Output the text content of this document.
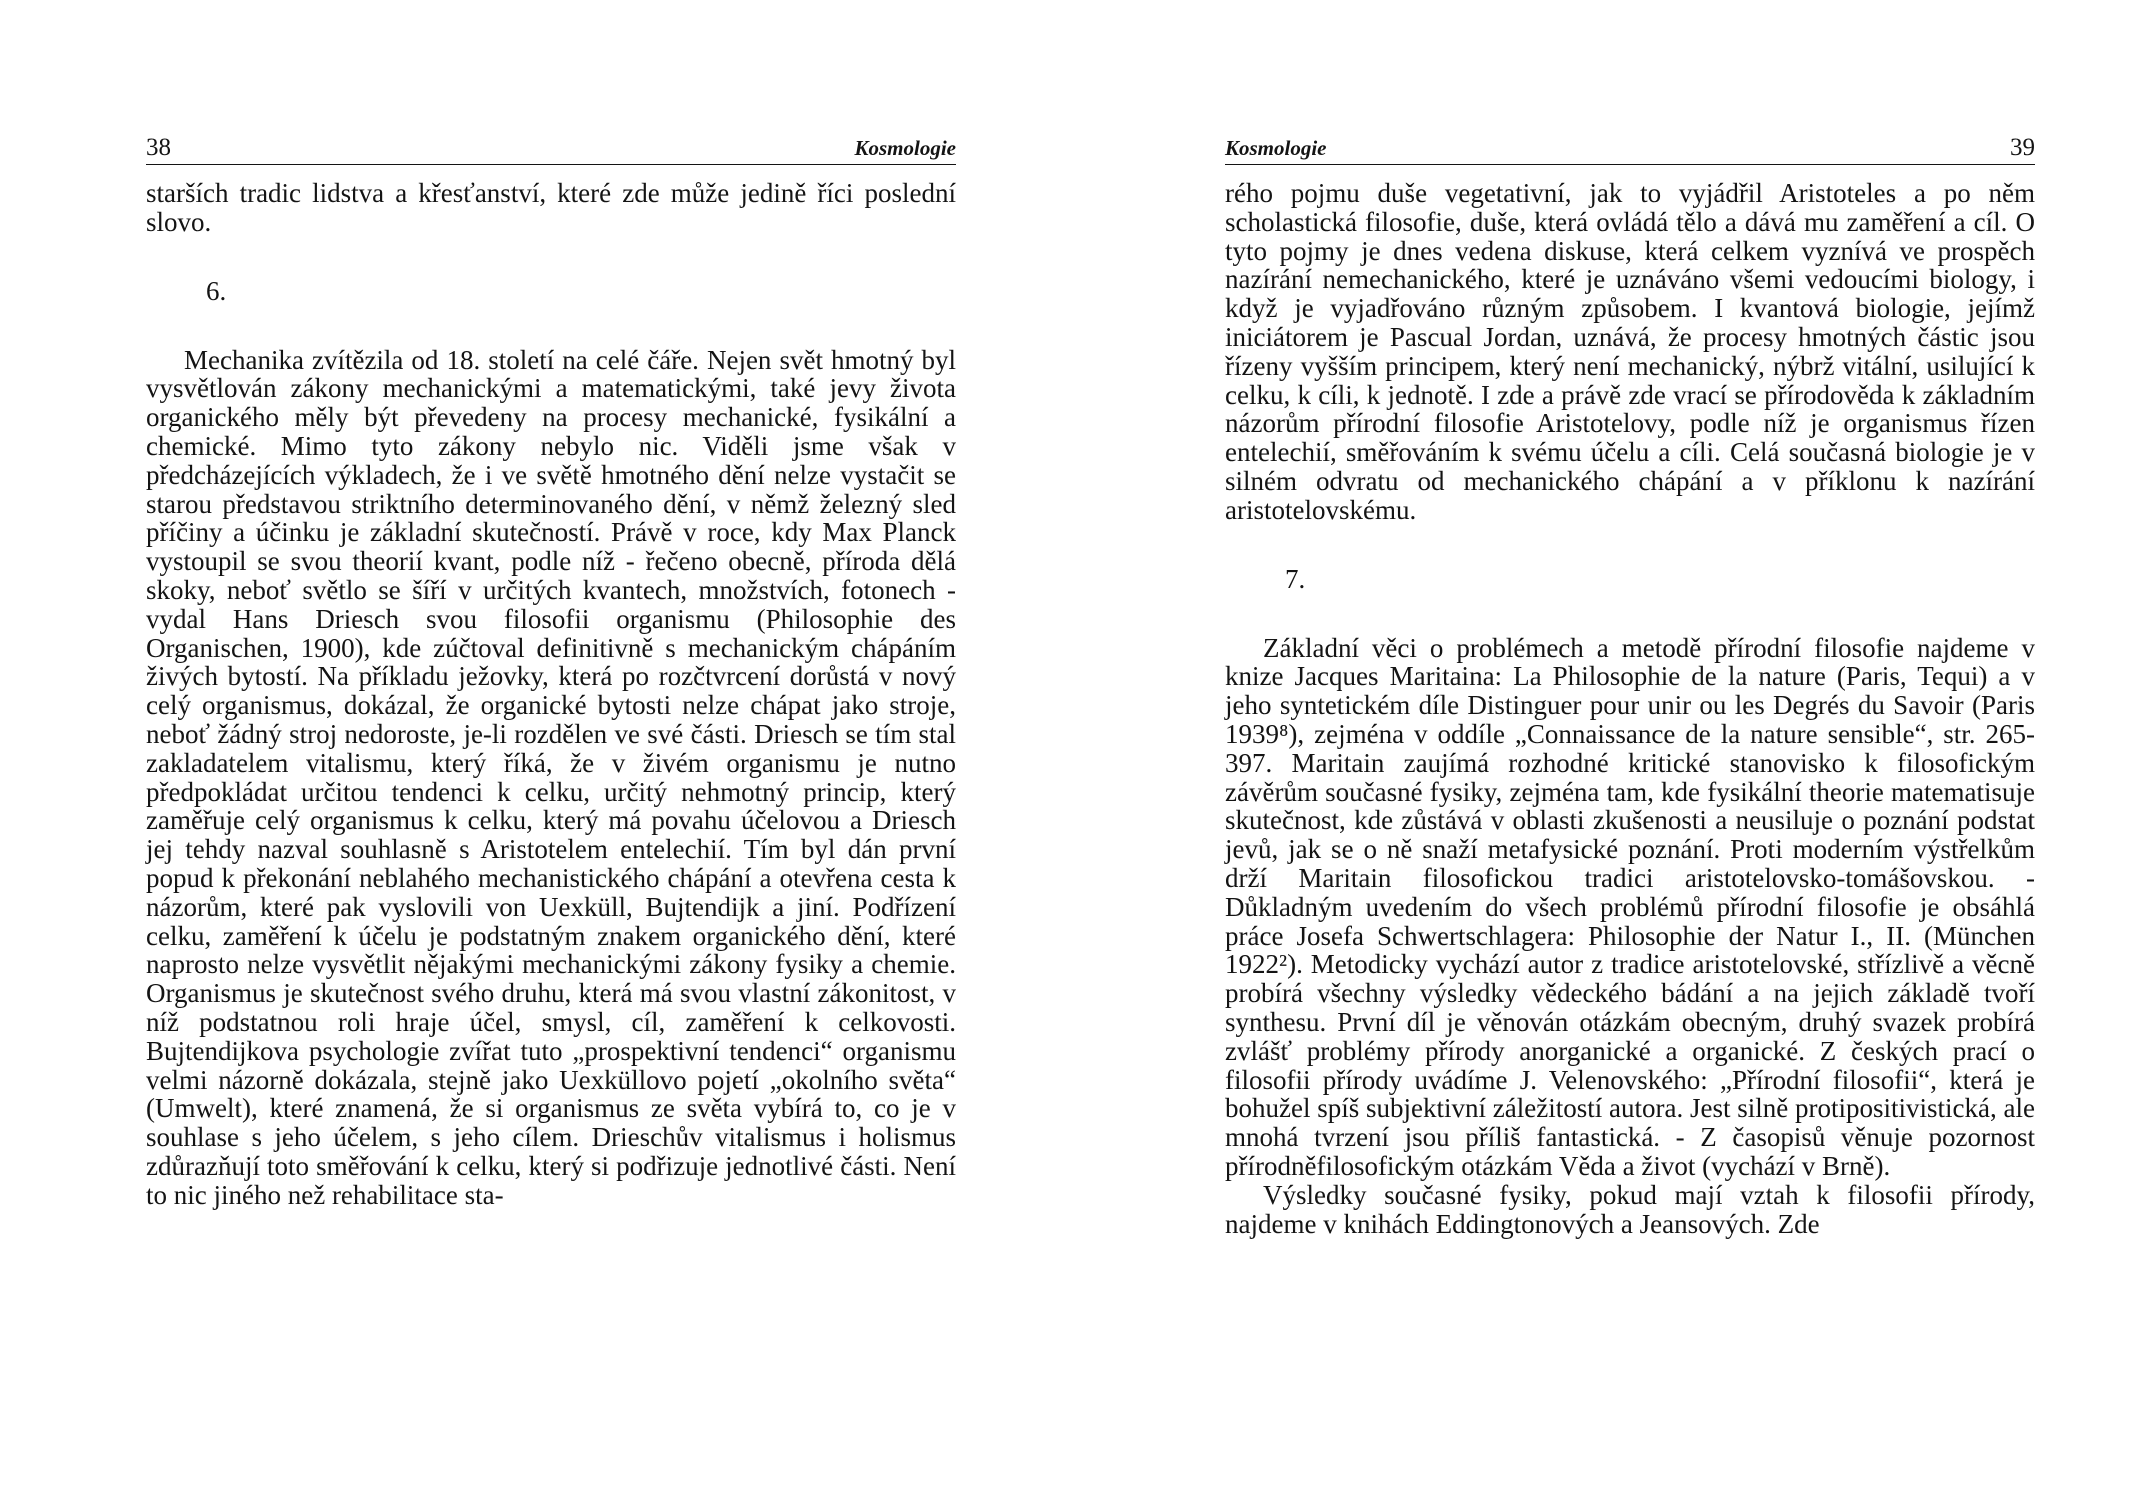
38	Kosmologie

starších tradic lidstva a křesťanství, které zde může jedině říci poslední slovo.

6.

Mechanika zvítězila od 18. století na celé čáře. Nejen svět hmotný byl vysvětlován zákony mechanickými a matematickými, také jevy života organického měly být převedeny na procesy mechanické, fysikální a chemické. Mimo tyto zákony nebylo nic. Viděli jsme však v předcházejících výkladech, že i ve světě hmotného dění nelze vystačit se starou představou striktního determinovaného dění, v němž železný sled příčiny a účinku je základní skutečností. Právě v roce, kdy Max Planck vystoupil se svou theorií kvant, podle níž - řečeno obecně, příroda dělá skoky, neboť světlo se šíří v určitých kvantech, množstvích, fotonech - vydal Hans Driesch svou filosofii organismu (Philosophie des Organischen, 1900), kde zúčtoval definitivně s mechanickým chápáním živých bytostí. Na příkladu ježovky, která po rozčtvrcení dorůstá v nový celý organismus, dokázal, že organické bytosti nelze chápat jako stroje, neboť žádný stroj nedoroste, je-li rozdělen ve své části. Driesch se tím stal zakladatelem vitalismu, který říká, že v živém organismu je nutno předpokládat určitou tendenci k celku, určitý nehmotný princip, který zaměřuje celý organismus k celku, který má povahu účelovou a Driesch jej tehdy nazval souhlasně s Aristotelem entelechií. Tím byl dán první popud k překonání neblahého mechanistického chápání a otevřena cesta k názorům, které pak vyslovili von Uexküll, Bujtendijk a jiní. Podřízení celku, zaměření k účelu je podstatným znakem organického dění, které naprosto nelze vysvětlit nějakými mechanickými zákony fysiky a chemie. Organismus je skutečnost svého druhu, která má svou vlastní zákonitost, v níž podstatnou roli hraje účel, smysl, cíl, zaměření k celkovosti. Bujtendijkova psychologie zvířat tuto „prospektivní tendenci“ organismu velmi názorně dokázala, stejně jako Uexküllovo pojetí „okolního světa“ (Umwelt), které znamená, že si organismus ze světa vybírá to, co je v souhlase s jeho účelem, s jeho cílem. Drieschův vitalismus i holismus zdůrazňují toto směřování k celku, který si podřizuje jednotlivé části. Není to nic jiného než rehabilitace sta-

Kosmologie	39

rého pojmu duše vegetativní, jak to vyjádřil Aristoteles a po něm scholastická filosofie, duše, která ovládá tělo a dává mu zaměření a cíl. O tyto pojmy je dnes vedena diskuse, která celkem vyznívá ve prospěch nazírání nemechanického, které je uznáváno všemi vedoucími biology, i když je vyjadřováno různým způsobem. I kvantová biologie, jejímž iniciátorem je Pascual Jordan, uznává, že procesy hmotných částic jsou řízeny vyšším principem, který není mechanický, nýbrž vitální, usilující k celku, k cíli, k jednotě. I zde a právě zde vrací se přírodověda k základním názorům přírodní filosofie Aristotelovy, podle níž je organismus řízen entelechií, směřováním k svému účelu a cíli. Celá současná biologie je v silném odvratu od mechanického chápání a v příklonu k nazírání aristotelovskému.

7.

Základní věci o problémech a metodě přírodní filosofie najdeme v knize Jacques Maritaina: La Philosophie de la nature (Paris, Tequi) a v jeho syntetickém díle Distinguer pour unir ou les Degrés du Savoir (Paris 1939⁸), zejména v oddíle „Connaissance de la nature sensible“, str. 265-397. Maritain zaujímá rozhodné kritické stanovisko k filosofickým závěrům současné fysiky, zejména tam, kde fysikální theorie matematisuje skutečnost, kde zůstává v oblasti zkušenosti a neusiluje o poznání podstat jevů, jak se o ně snaží metafysické poznání. Proti moderním výstřelkům drží Maritain filosofickou tradici aristotelovsko-tomášovskou. - Důkladným uvedením do všech problémů přírodní filosofie je obsáhlá práce Josefa Schwertschlagera: Philosophie der Natur I., II. (München 1922²). Metodicky vychází autor z tradice aristotelovské, střízlivě a věcně probírá všechny výsledky vědeckého bádání a na jejich základě tvoří synthesu. První díl je věnován otázkám obecným, druhý svazek probírá zvlášť problémy přírody anorganické a organické. Z českých prací o filosofii přírody uvádíme J. Velenovského: „Přírodní filosofii“, která je bohužel spíš subjektivní záležitostí autora. Jest silně protipositivistická, ale mnohá tvrzení jsou příliš fantastická. - Z časopisů věnuje pozornost přírodněfilosofickým otázkám Věda a život (vychází v Brně).

Výsledky současné fysiky, pokud mají vztah k filosofii přírody, najdeme v knihách Eddingtonových a Jeansových. Zde
